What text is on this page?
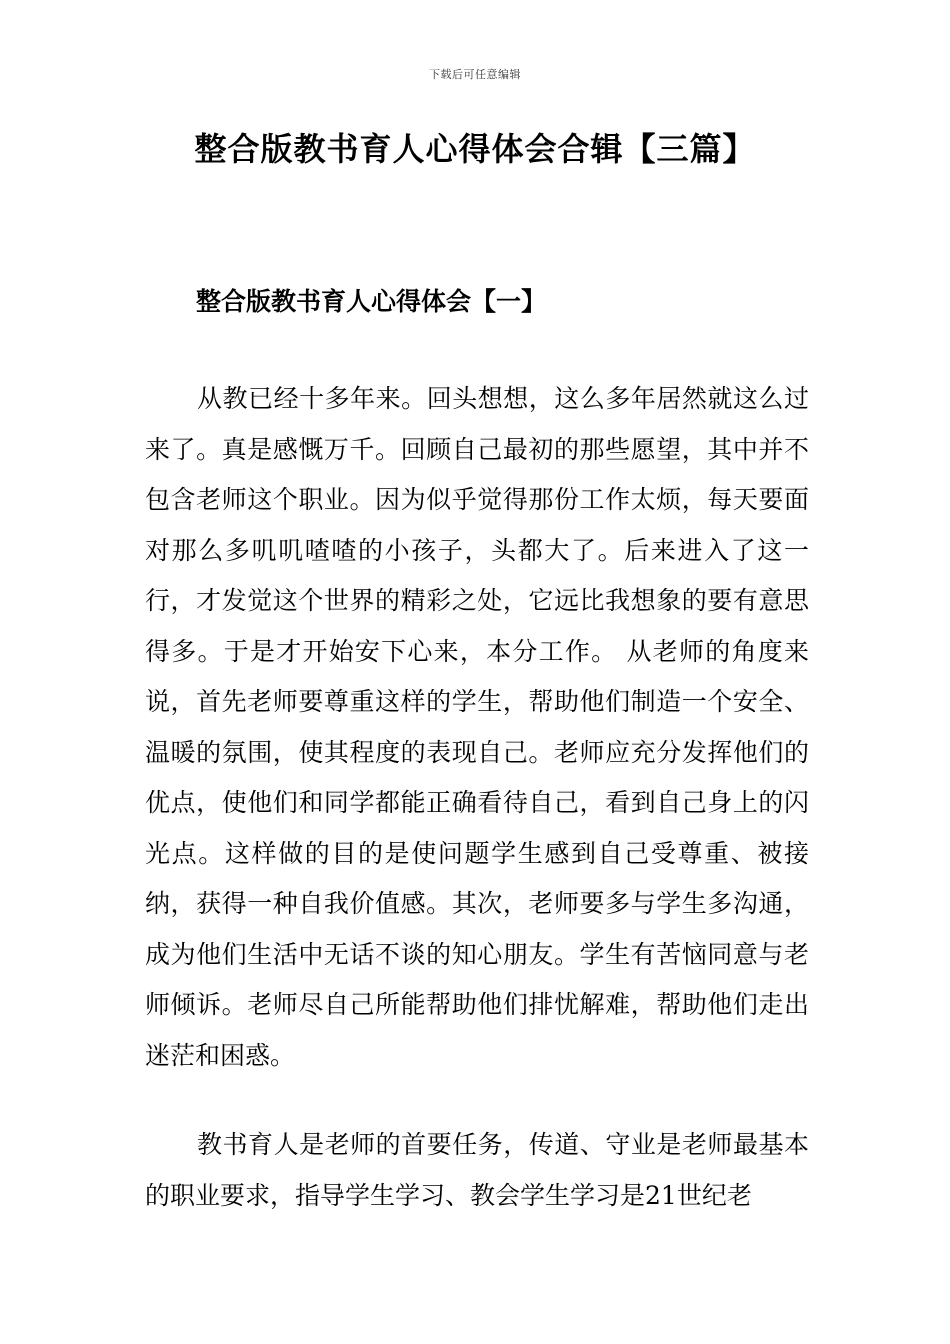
下载后可任意编辑
整合版教书育人心得体会合辑【三篇】
整合版教书育人心得体会【一】

从教已经十多年来。回头想想，这么多年居然就这么过来了。真是感慨万千。回顾自己最初的那些愿望，其中并不包含老师这个职业。因为似乎觉得那份工作太烦，每天要面对那么多叽叽喳喳的小孩子，头都大了。后来进入了这一行，才发觉这个世界的精彩之处，它远比我想象的要有意思得多。于是才开始安下心来，本分工作。 从老师的角度来说，首先老师要尊重这样的学生，帮助他们制造一个安全、温暖的氛围，使其程度的表现自己。老师应充分发挥他们的优点，使他们和同学都能正确看待自己，看到自己身上的闪光点。这样做的目的是使问题学生感到自己受尊重、被接纳，获得一种自我价值感。其次，老师要多与学生多沟通，成为他们生活中无话不谈的知心朋友。学生有苦恼同意与老师倾诉。老师尽自己所能帮助他们排忧解难，帮助他们走出迷茫和困惑。

教书育人是老师的首要任务，传道、守业是老师最基本的职业要求，指导学生学习、教会学生学习是21世纪老
